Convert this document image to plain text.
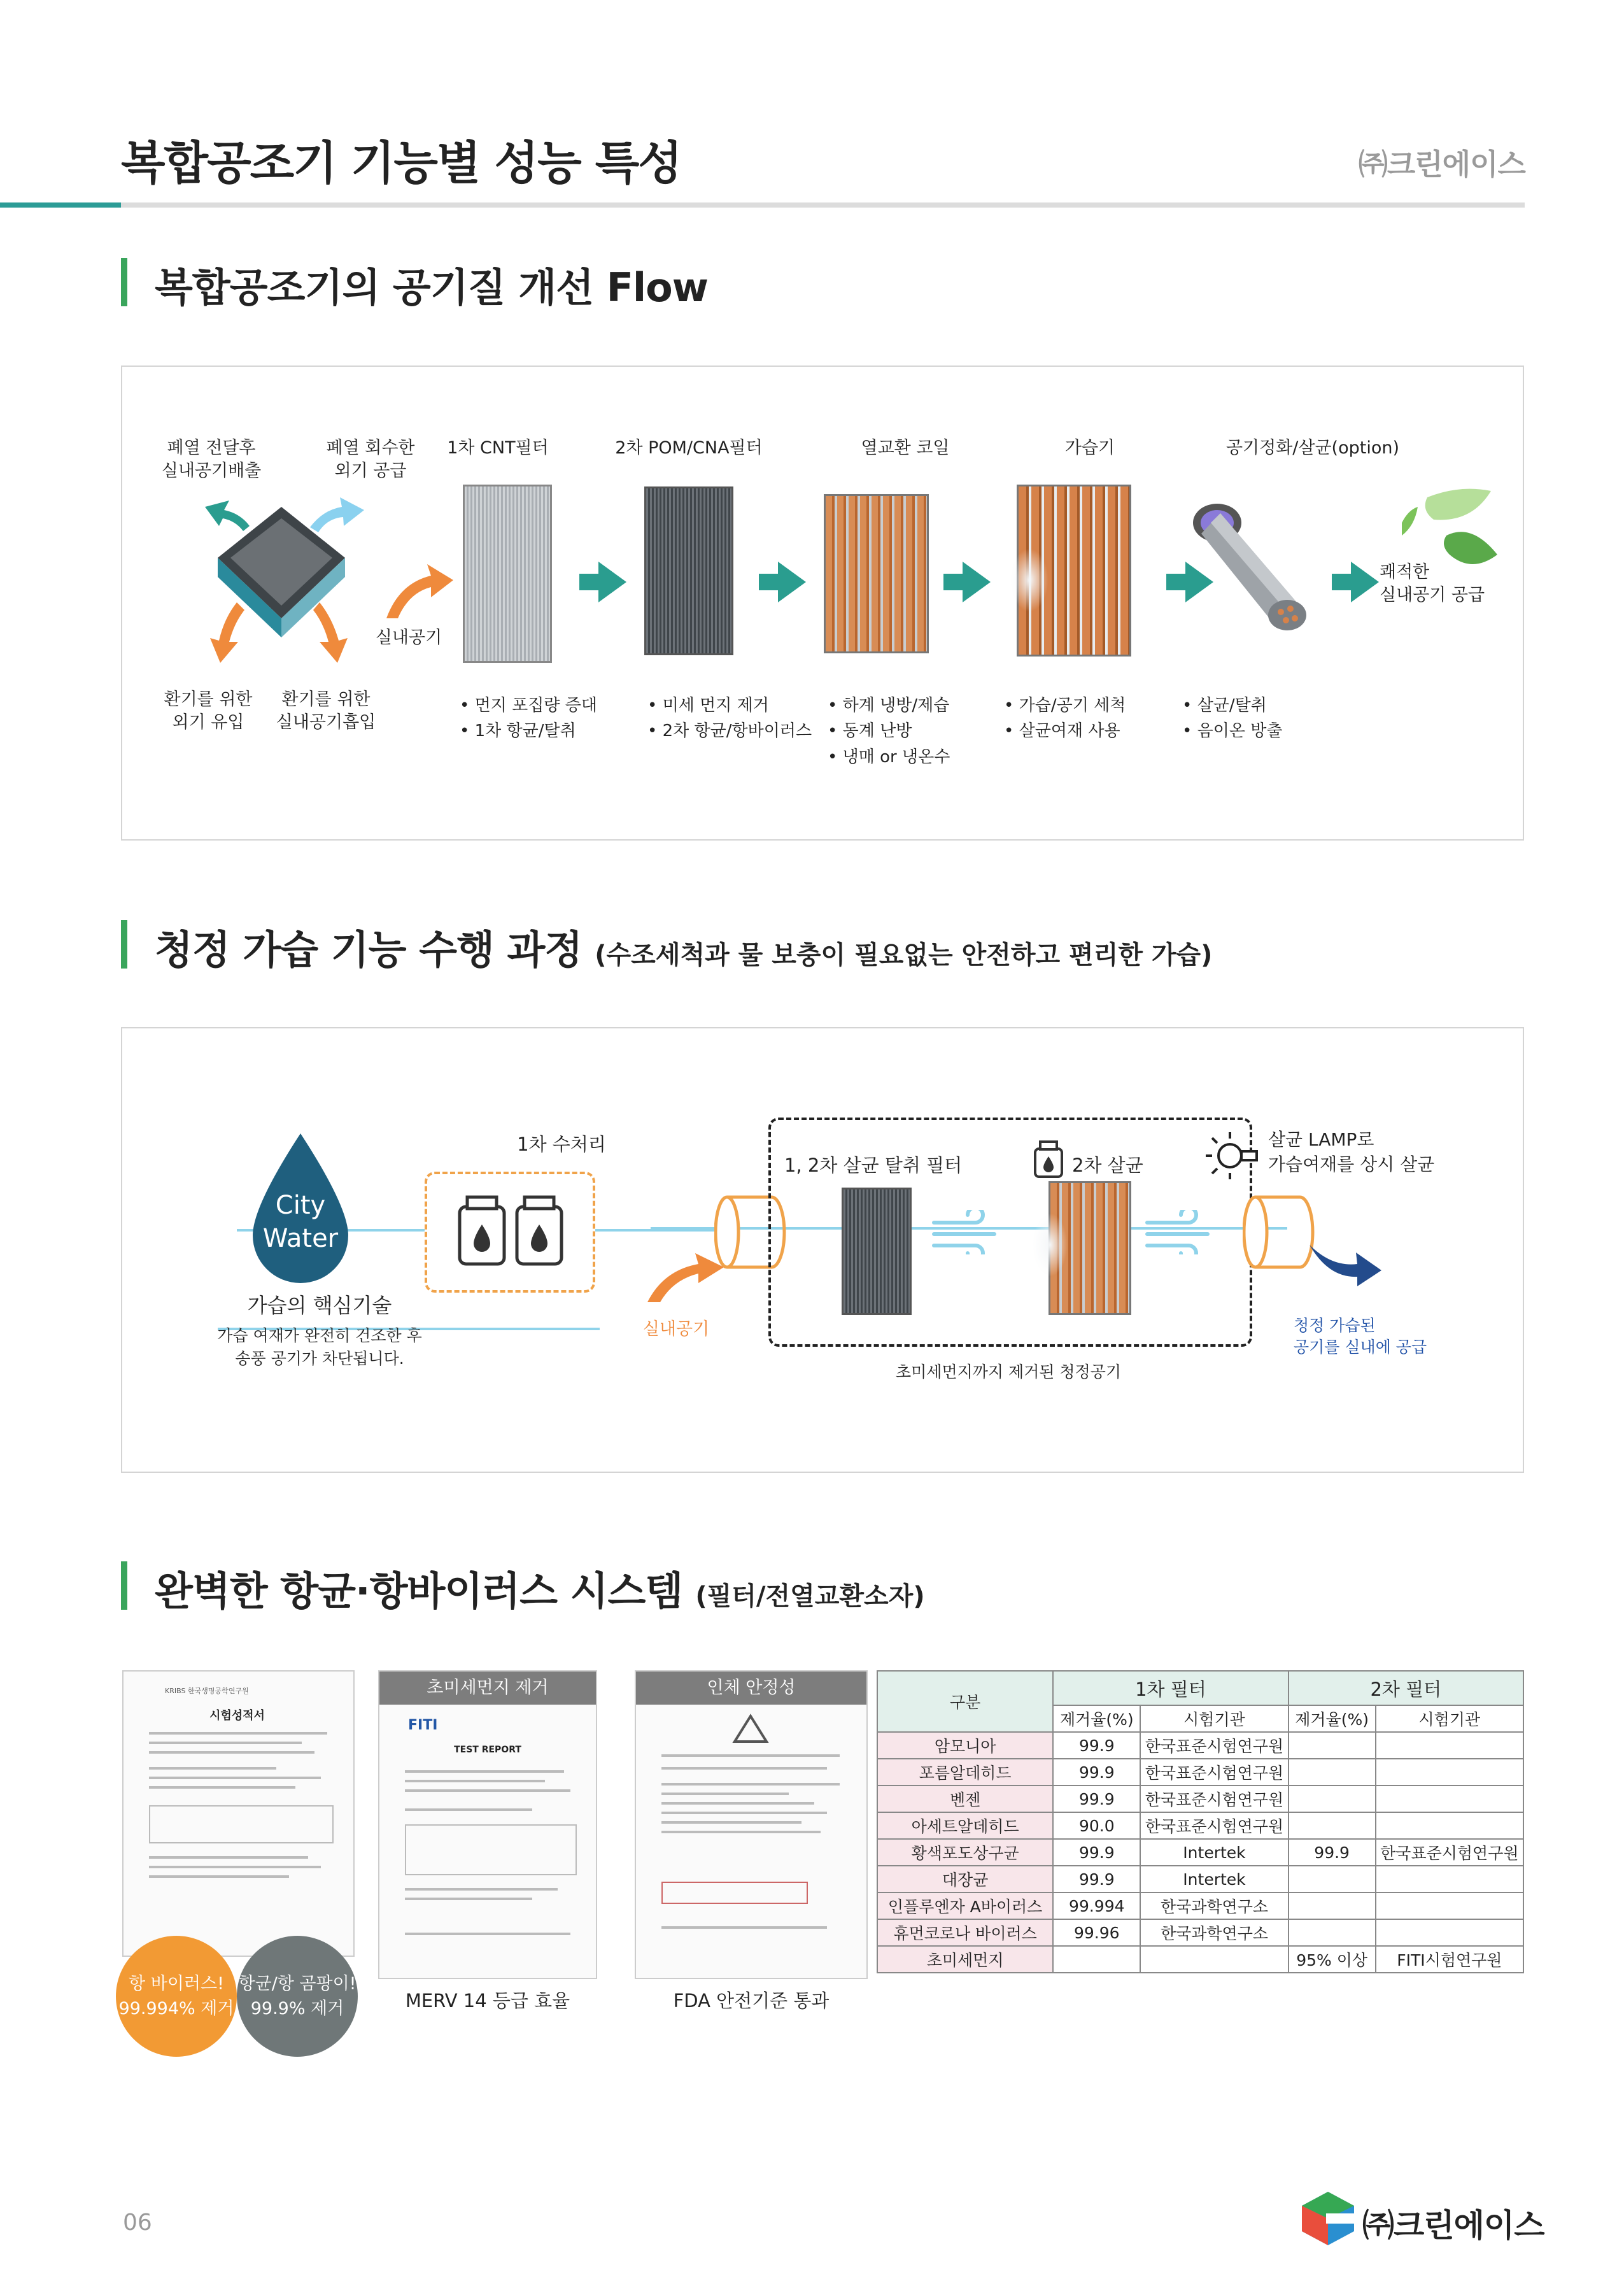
복합공조기 기능별 성능 특성	㈜크린에이스
복합공조기의 공기질 개선 Flow
폐열 전달후
실내공기배출
폐열 회수한
외기 공급
실내공기
환기를 위한
외기 유입
환기를 위한
실내공기흡입
1차 CNT필터
• 먼지 포집량 증대
• 1차 항균/탈취
2차 POM/CNA필터
• 미세 먼지 제거
• 2차 항균/항바이러스
열교환 코일
• 하계 냉방/제습
• 동계 난방
• 냉매 or 냉온수
가습기
• 가습/공기 세척
• 살균여재 사용
공기정화/살균(option)
• 살균/탈취
• 음이온 방출
쾌적한
실내공기 공급
청정 가습 기능 수행 과정 (수조세척과 물 보충이 필요없는 안전하고 편리한 가습)
City
Water
가습의 핵심기술
가습 여재가 완전히 건조한 후
송풍 공기가 차단됩니다.
1차 수처리
실내공기
1, 2차 살균 탈취 필터	2차 살균
초미세먼지까지 제거된 청정공기
살균 LAMP로
가습여재를 상시 살균
청정 가습된
공기를 실내에 공급
완벽한 항균·항바이러스 시스템 (필터/전열교환소자)
KRIBS 한국생명공학연구원
시험성적서
초미세먼지 제거
FITI
TEST REPORT
MERV 14 등급 효율
인체 안정성
FDA 안전기준 통과
항 바이러스!
99.994% 제거
항균/항 곰팡이!
99.9% 제거
구분	1차 필터		2차 필터	
	제거율(%)	시험기관	제거율(%)	시험기관
암모니아	99.9	한국표준시험연구원		
포름알데히드	99.9	한국표준시험연구원		
벤젠	99.9	한국표준시험연구원		
아세트알데히드	90.0	한국표준시험연구원		
황색포도상구균	99.9	Intertek	99.9	한국표준시험연구원
대장균	99.9	Intertek		
인플루엔자 A바이러스	99.994	한국과학연구소		
휴먼코로나 바이러스	99.96	한국과학연구소		
초미세먼지			95% 이상	FITI시험연구원
06	㈜크린에이스
